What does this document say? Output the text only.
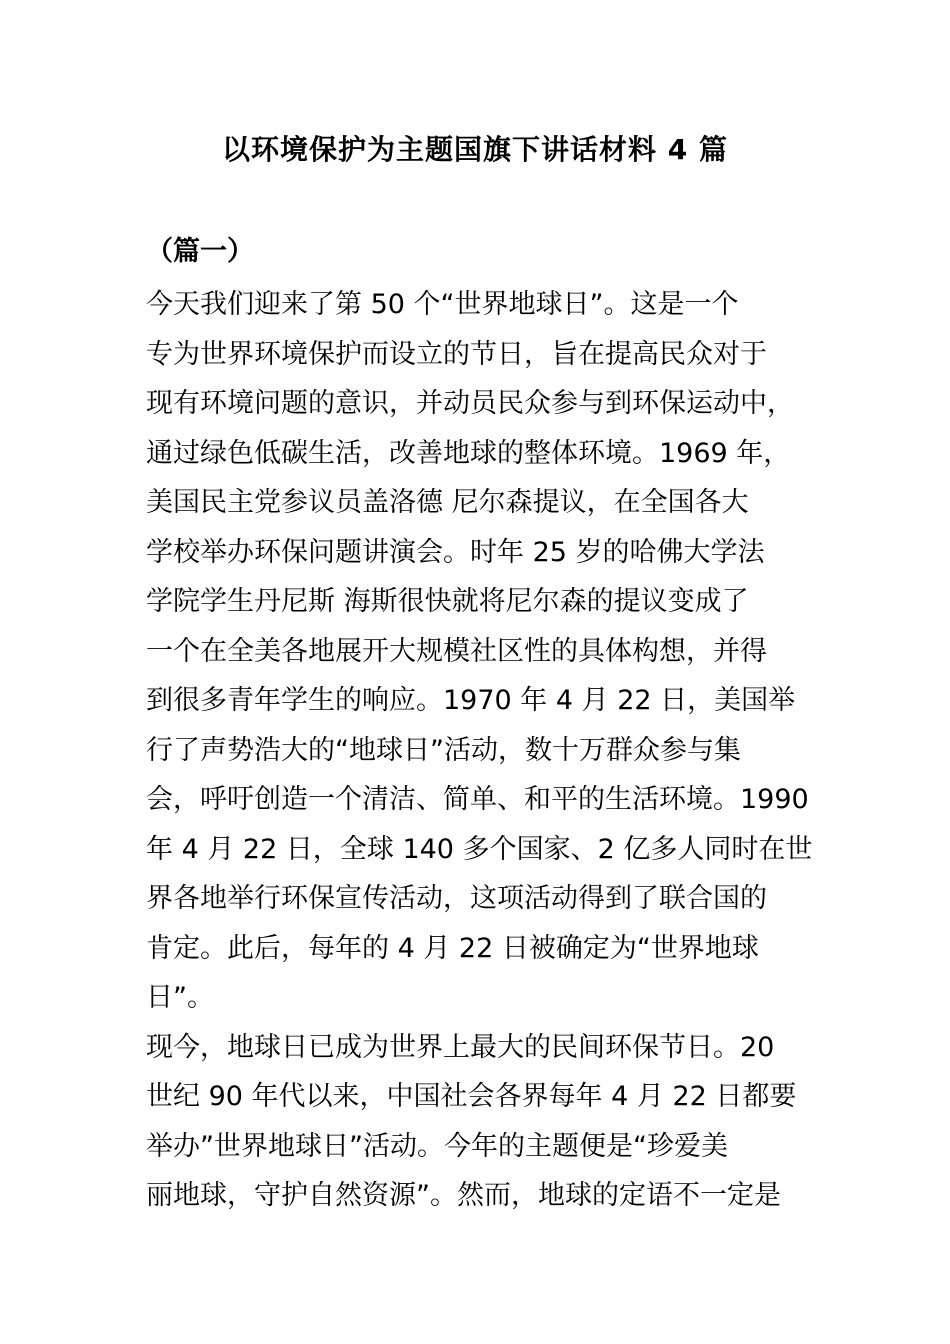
以环境保护为主题国旗下讲话材料 4 篇
（篇一）
今天我们迎来了第 50 个“世界地球日”。这是一个
专为世界环境保护而设立的节日，旨在提高民众对于
现有环境问题的意识，并动员民众参与到环保运动中，
通过绿色低碳生活，改善地球的整体环境。1969 年，
美国民主党参议员盖洛德 尼尔森提议，在全国各大
学校举办环保问题讲演会。时年 25 岁的哈佛大学法
学院学生丹尼斯 海斯很快就将尼尔森的提议变成了
一个在全美各地展开大规模社区性的具体构想，并得
到很多青年学生的响应。1970 年 4 月 22 日，美国举
行了声势浩大的“地球日”活动，数十万群众参与集
会，呼吁创造一个清洁、简单、和平的生活环境。1990
年 4 月 22 日，全球 140 多个国家、2 亿多人同时在世
界各地举行环保宣传活动，这项活动得到了联合国的
肯定。此后，每年的 4 月 22 日被确定为“世界地球
日”。
现今，地球日已成为世界上最大的民间环保节日。20
世纪 90 年代以来，中国社会各界每年 4 月 22 日都要
举办”世界地球日”活动。今年的主题便是“珍爱美
丽地球，守护自然资源”。然而，地球的定语不一定是
